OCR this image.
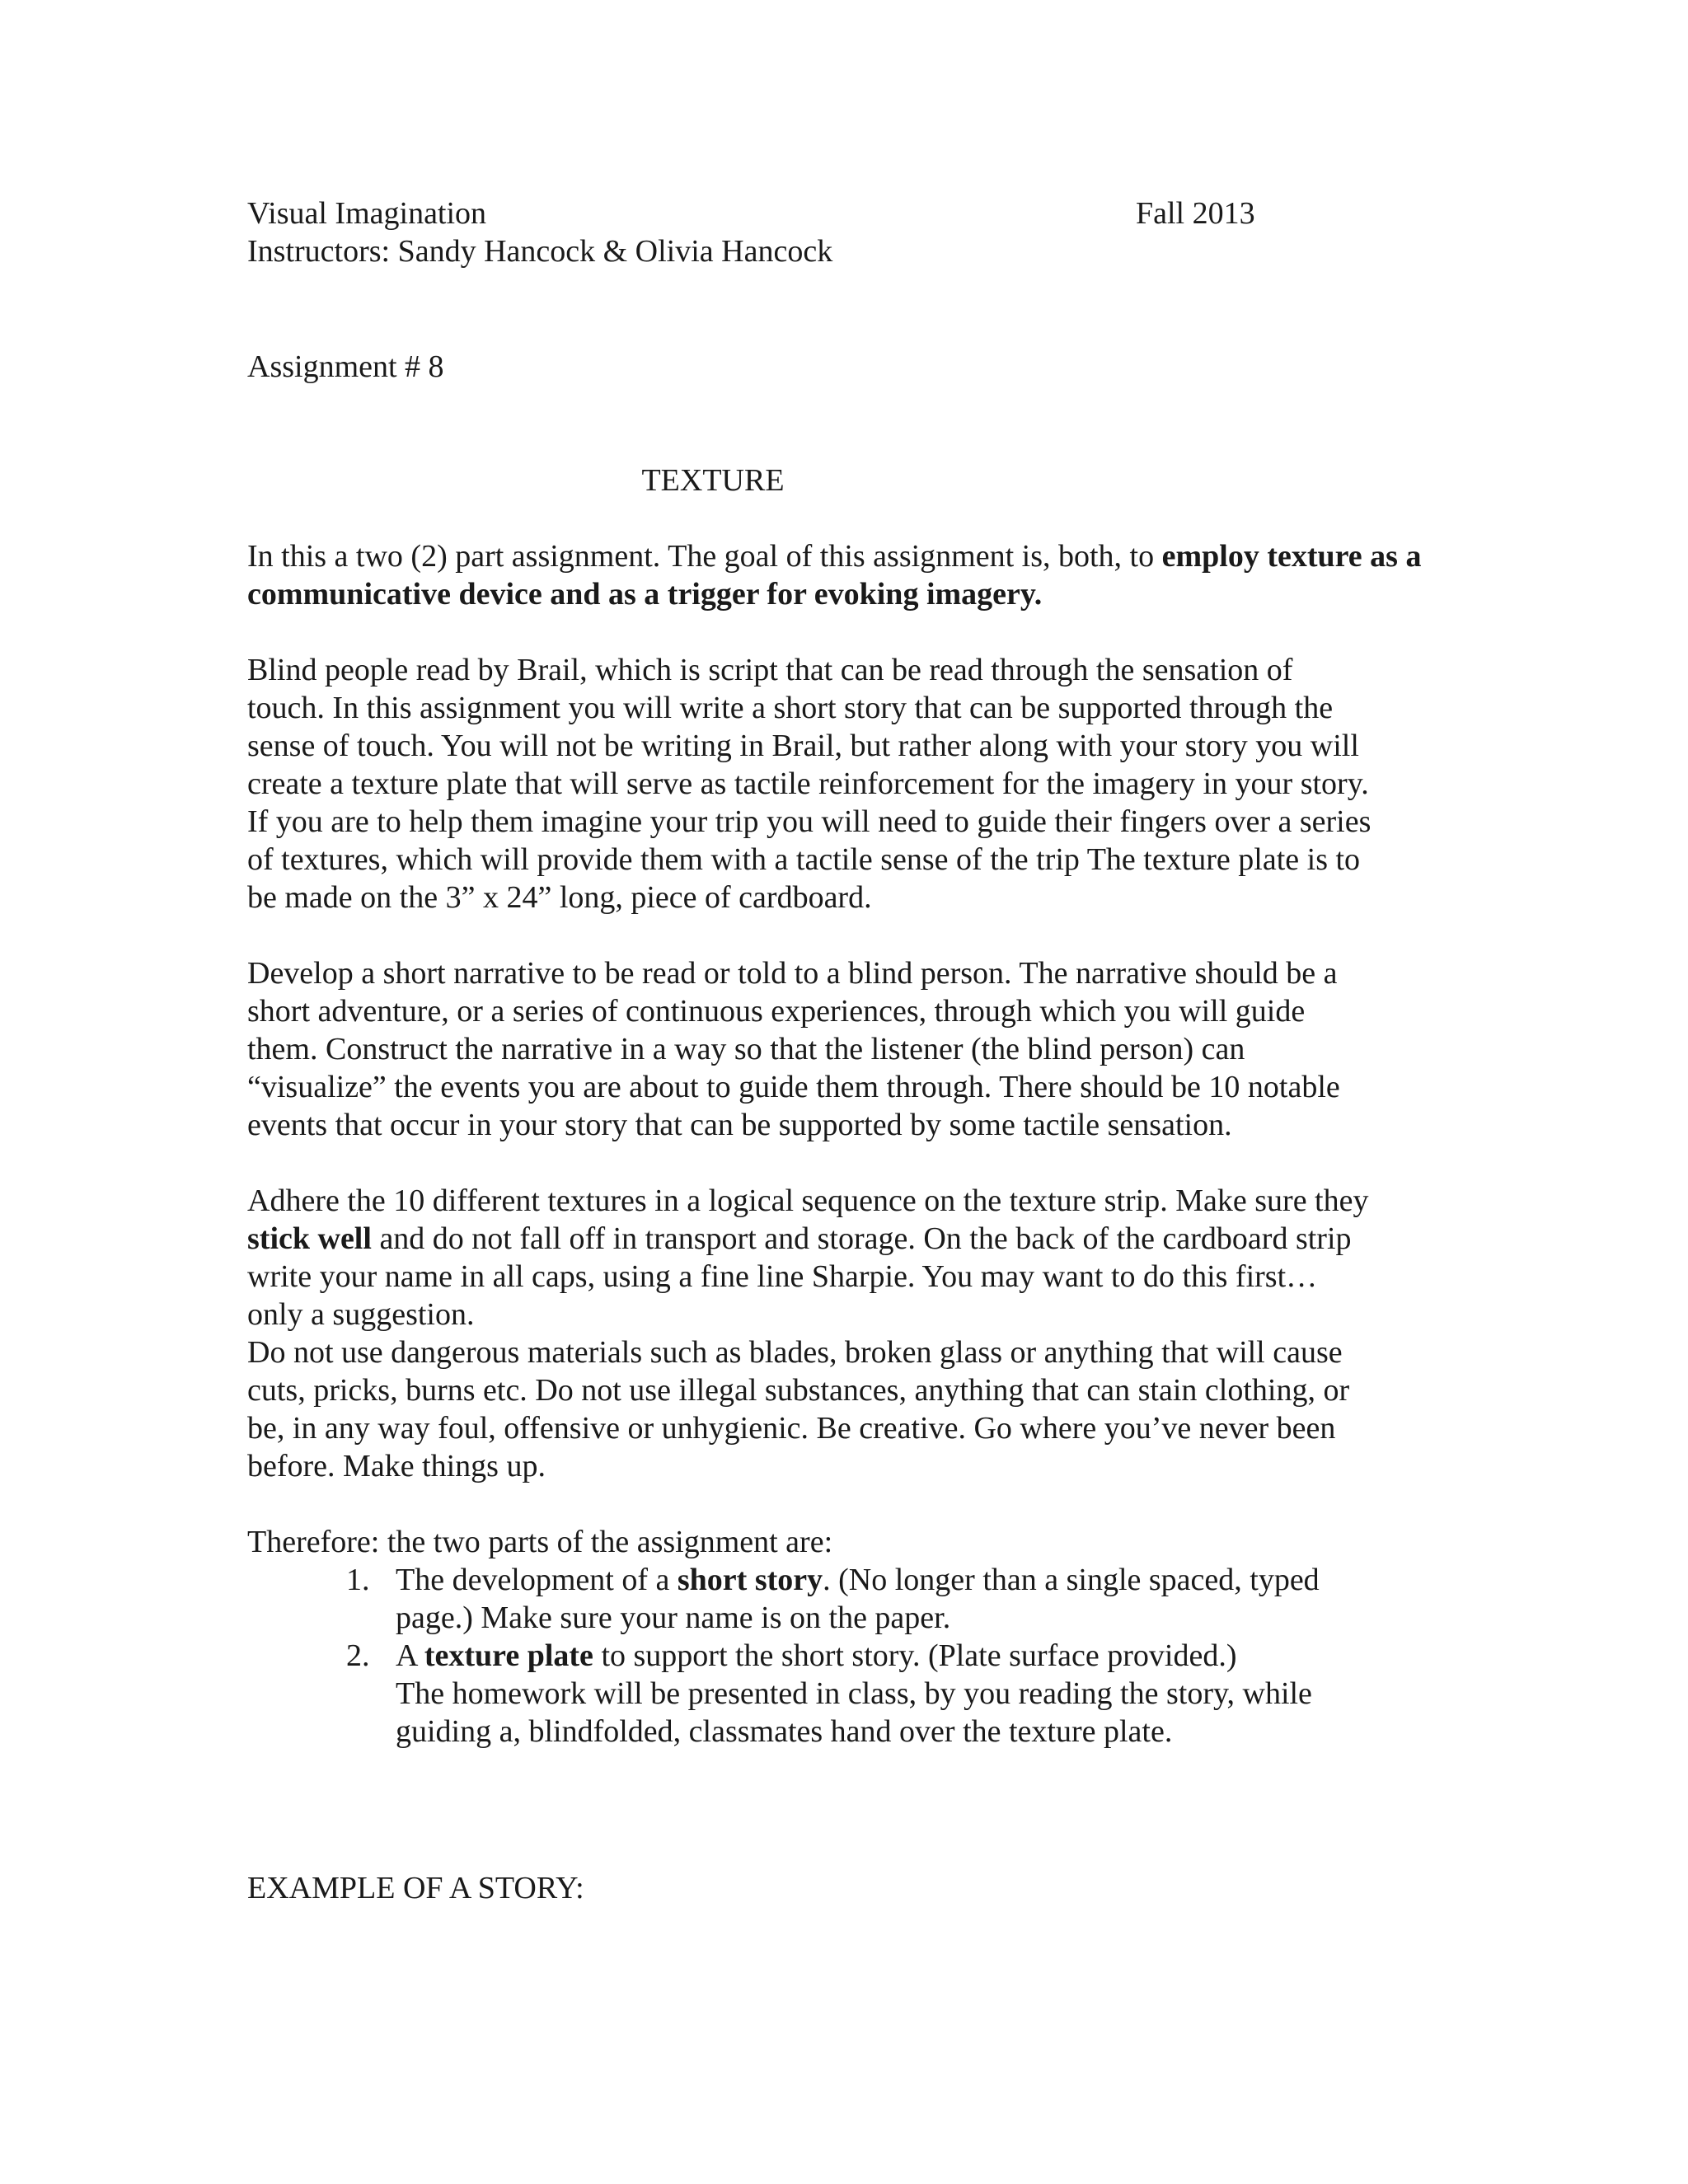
Visual Imagination	Fall 2013
Instructors: Sandy Hancock & Olivia Hancock
Assignment # 8
TEXTURE

In this a two (2) part assignment. The goal of this assignment is, both, to employ texture as a communicative device and as a trigger for evoking imagery.

Blind people read by Brail, which is script that can be read through the sensation of
touch. In this assignment you will write a short story that can be supported through the
sense of touch. You will not be writing in Brail, but rather along with your story you will
create a texture plate that will serve as tactile reinforcement for the imagery in your story.
If you are to help them imagine your trip you will need to guide their fingers over a series
of textures, which will provide them with a tactile sense of the trip The texture plate is to
be made on the 3” x 24” long, piece of cardboard.
Develop a short narrative to be read or told to a blind person. The narrative should be a
short adventure, or a series of continuous experiences, through which you will guide
them. Construct the narrative in a way so that the listener (the blind person) can
“visualize” the events you are about to guide them through. There should be 10 notable
events that occur in your story that can be supported by some tactile sensation.
Adhere the 10 different textures in a logical sequence on the texture strip. Make sure they
stick well and do not fall off in transport and storage. On the back of the cardboard strip
write your name in all caps, using a fine line Sharpie. You may want to do this first…
only a suggestion.
Do not use dangerous materials such as blades, broken glass or anything that will cause
cuts, pricks, burns etc. Do not use illegal substances, anything that can stain clothing, or
be, in any way foul, offensive or unhygienic. Be creative. Go where you’ve never been
before. Make things up.
Therefore: the two parts of the assignment are:
1. The development of a short story. (No longer than a single spaced, typed
page.) Make sure your name is on the paper.
2. A texture plate to support the short story. (Plate surface provided.)
The homework will be presented in class, by you reading the story, while
guiding a, blindfolded, classmates hand over the texture plate.
EXAMPLE OF A STORY:
